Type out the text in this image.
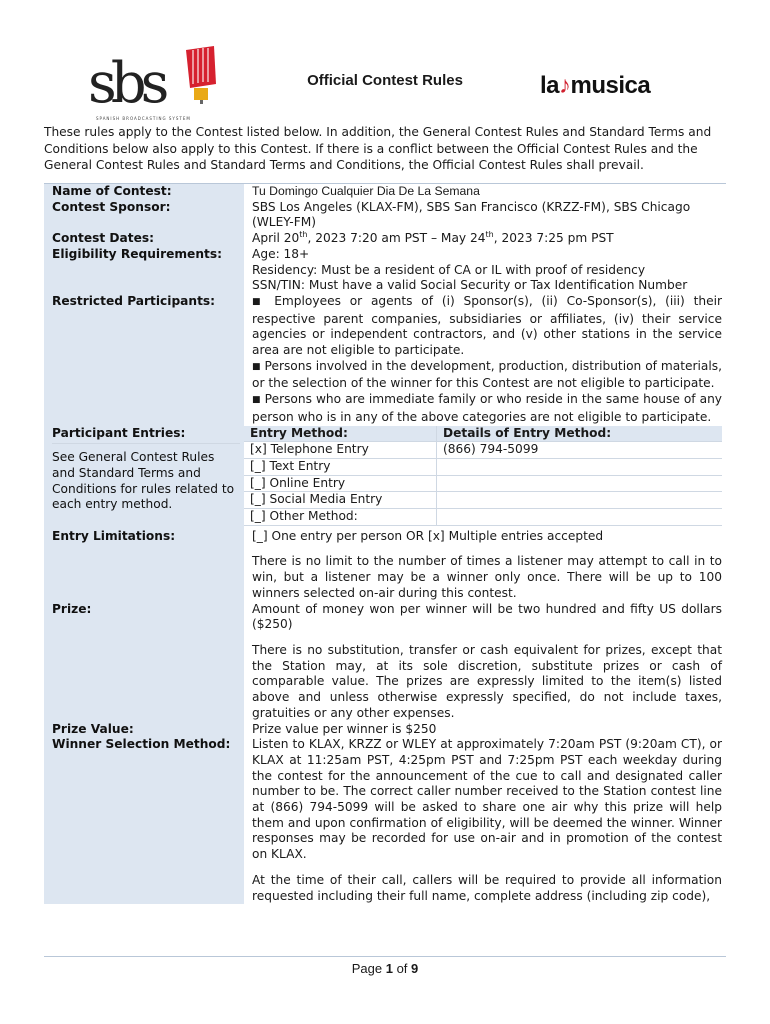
sbs
SPANISH BROADCASTING SYSTEM
Official Contest Rules	la♪musica

These rules apply to the Contest listed below. In addition, the General Contest Rules and Standard Terms and Conditions below also apply to this Contest. If there is a conflict between the Official Contest Rules and the General Contest Rules and Standard Terms and Conditions, the Official Contest Rules shall prevail.

Name of Contest:	Tu Domingo Cualquier Dia De La Semana
Contest Sponsor:	SBS Los Angeles (KLAX-FM), SBS San Francisco (KRZZ-FM), SBS Chicago (WLEY-FM)
Contest Dates:	April 20th, 2023 7:20 am PST – May 24th, 2023 7:25 pm PST
Eligibility Requirements:	Age: 18+
Residency: Must be a resident of CA or IL with proof of residency
SSN/TIN: Must have a valid Social Security or Tax Identification Number

Restricted Participants:	■ Employees or agents of (i) Sponsor(s), (ii) Co-Sponsor(s), (iii) their respective parent companies, subsidiaries or affiliates, (iv) their service agencies or independent contractors, and (v) other stations in the service area are not eligible to participate.
■ Persons involved in the development, production, distribution of materials, or the selection of the winner for this Contest are not eligible to participate.
■ Persons who are immediate family or who reside in the same house of any person who is in any of the above categories are not eligible to participate.

Participant Entries:
See General Contest Rules and Standard Terms and Conditions for rules related to each entry method.

Entry Method:	Details of Entry Method:
[x] Telephone Entry	(866) 794-5099
[_] Text Entry	
[_] Online Entry	
[_] Social Media Entry	
[_] Other Method:	

Entry Limitations:	[_] One entry per person OR [x] Multiple entries accepted
There is no limit to the number of times a listener may attempt to call in to win, but a listener may be a winner only once. There will be up to 100 winners selected on-air during this contest.

Prize:	Amount of money won per winner will be two hundred and fifty US dollars ($250)
There is no substitution, transfer or cash equivalent for prizes, except that the Station may, at its sole discretion, substitute prizes or cash of comparable value. The prizes are expressly limited to the item(s) listed above and unless otherwise expressly specified, do not include taxes, gratuities or any other expenses.

Prize Value:	Prize value per winner is $250
Winner Selection Method:	Listen to KLAX, KRZZ or WLEY at approximately 7:20am PST (9:20am CT), or KLAX at 11:25am PST, 4:25pm PST and 7:25pm PST each weekday during the contest for the announcement of the cue to call and designated caller number to be. The correct caller number received to the Station contest line at (866) 794-5099 will be asked to share one air why this prize will help them and upon confirmation of eligibility, will be deemed the winner. Winner responses may be recorded for use on-air and in promotion of the contest on KLAX.
At the time of their call, callers will be required to provide all information requested including their full name, complete address (including zip code),
Page 1 of 9
